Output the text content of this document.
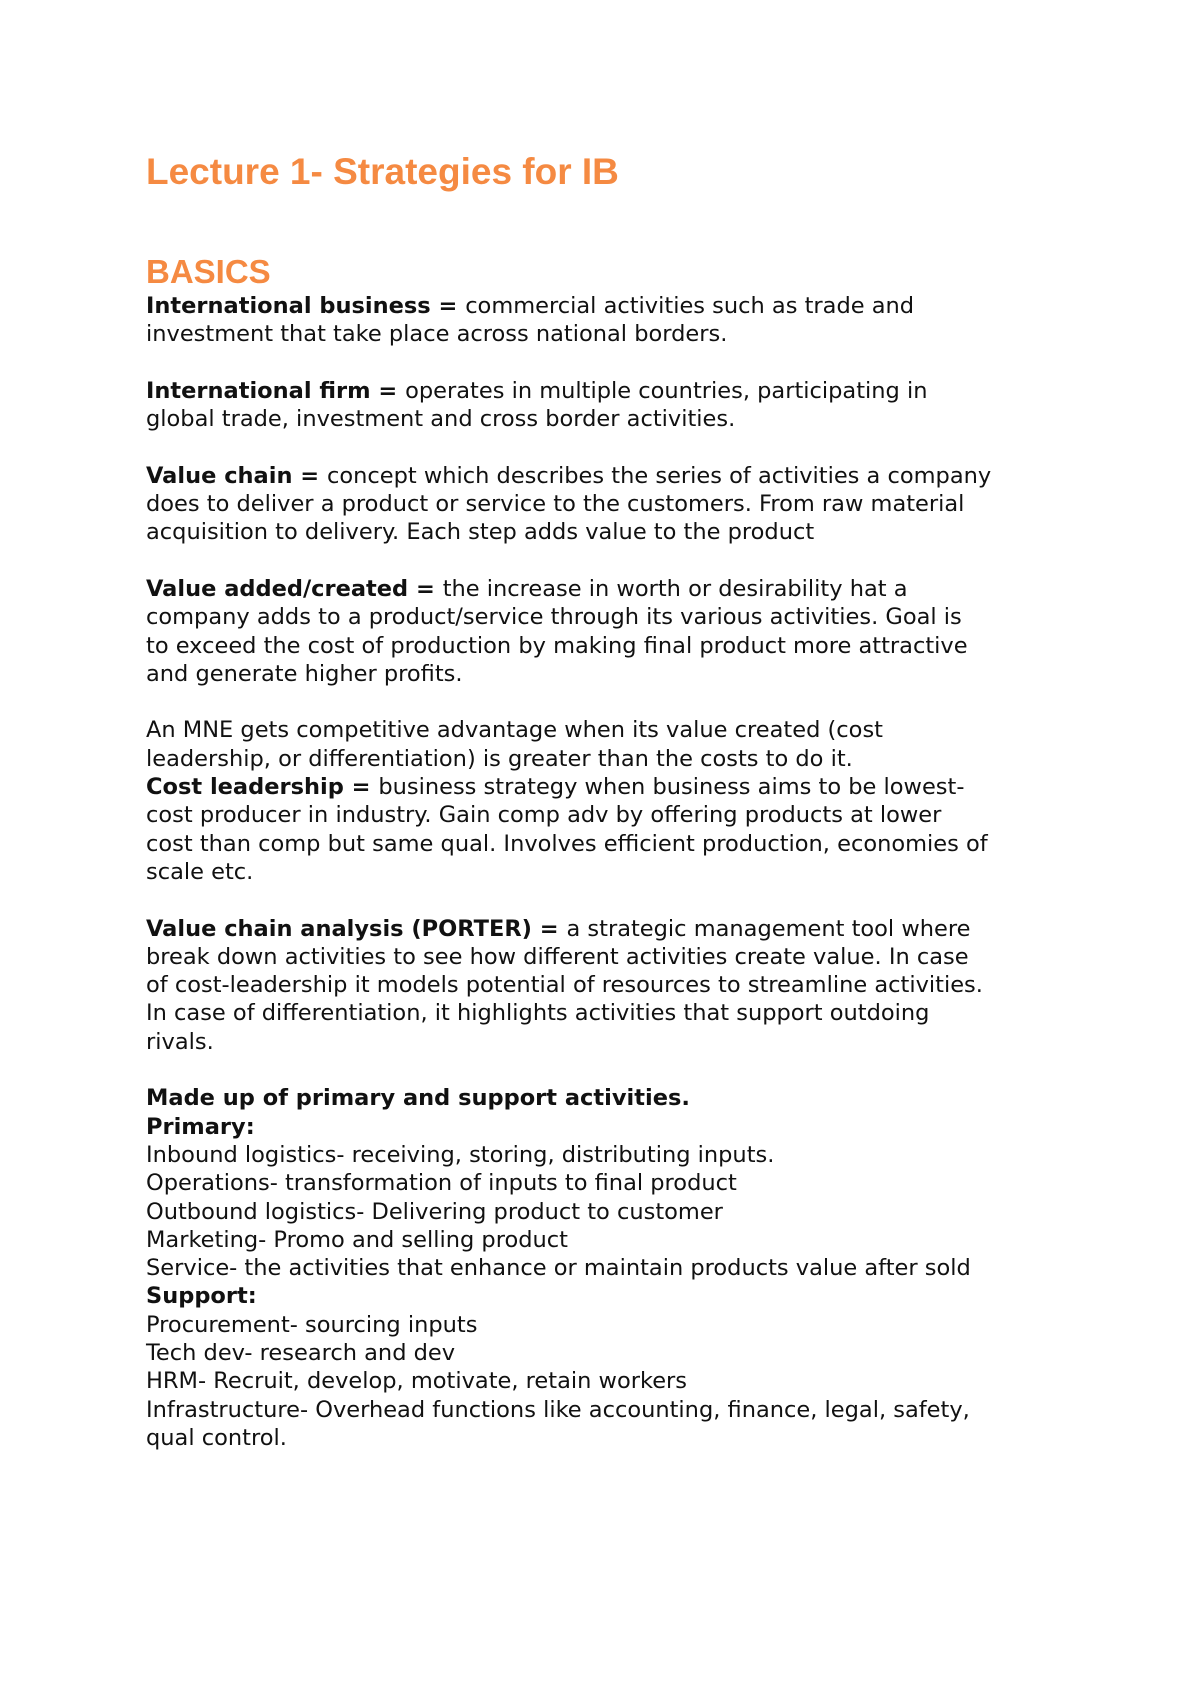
Lecture 1- Strategies for IB
BASICS
International business = commercial activities such as trade and
investment that take place across national borders.
International firm = operates in multiple countries, participating in
global trade, investment and cross border activities.
Value chain = concept which describes the series of activities a company
does to deliver a product or service to the customers. From raw material
acquisition to delivery. Each step adds value to the product
Value added/created = the increase in worth or desirability hat a
company adds to a product/service through its various activities. Goal is
to exceed the cost of production by making final product more attractive
and generate higher profits.
An MNE gets competitive advantage when its value created (cost
leadership, or differentiation) is greater than the costs to do it.
Cost leadership = business strategy when business aims to be lowest-
cost producer in industry. Gain comp adv by offering products at lower
cost than comp but same qual. Involves efficient production, economies of
scale etc.
Value chain analysis (PORTER) = a strategic management tool where
break down activities to see how different activities create value. In case
of cost-leadership it models potential of resources to streamline activities.
In case of differentiation, it highlights activities that support outdoing
rivals.
Made up of primary and support activities.
Primary:
Inbound logistics- receiving, storing, distributing inputs.
Operations- transformation of inputs to final product
Outbound logistics- Delivering product to customer
Marketing- Promo and selling product
Service- the activities that enhance or maintain products value after sold
Support:
Procurement- sourcing inputs
Tech dev- research and dev
HRM- Recruit, develop, motivate, retain workers
Infrastructure- Overhead functions like accounting, finance, legal, safety,
qual control.
